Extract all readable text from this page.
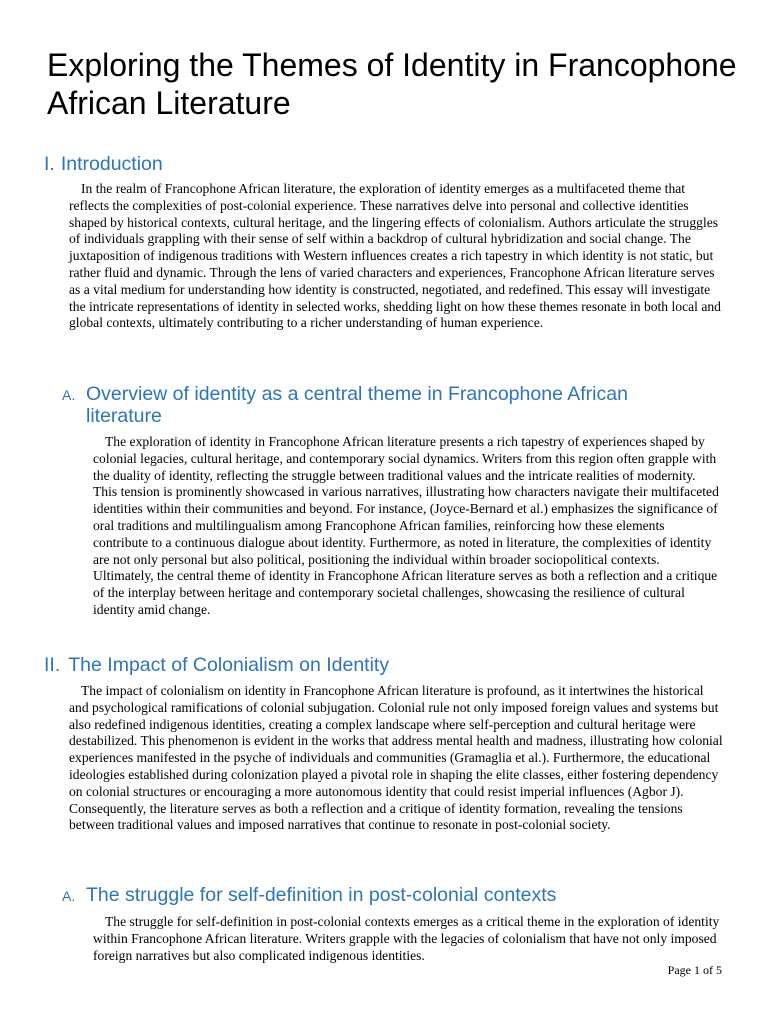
Exploring the Themes of Identity in Francophone African Literature
I. Introduction

In the realm of Francophone African literature, the exploration of identity emerges as a multifaceted theme that reflects the complexities of post-colonial experience. These narratives delve into personal and collective identities shaped by historical contexts, cultural heritage, and the lingering effects of colonialism. Authors articulate the struggles of individuals grappling with their sense of self within a backdrop of cultural hybridization and social change. The juxtaposition of indigenous traditions with Western influences creates a rich tapestry in which identity is not static, but rather fluid and dynamic. Through the lens of varied characters and experiences, Francophone African literature serves as a vital medium for understanding how identity is constructed, negotiated, and redefined. This essay will investigate the intricate representations of identity in selected works, shedding light on how these themes resonate in both local and global contexts, ultimately contributing to a richer understanding of human experience.

A. Overview of identity as a central theme in Francophone African literature

The exploration of identity in Francophone African literature presents a rich tapestry of experiences shaped by colonial legacies, cultural heritage, and contemporary social dynamics. Writers from this region often grapple with the duality of identity, reflecting the struggle between traditional values and the intricate realities of modernity. This tension is prominently showcased in various narratives, illustrating how characters navigate their multifaceted identities within their communities and beyond. For instance, (Joyce-Bernard et al.) emphasizes the significance of oral traditions and multilingualism among Francophone African families, reinforcing how these elements contribute to a continuous dialogue about identity. Furthermore, as noted in literature, the complexities of identity are not only personal but also political, positioning the individual within broader sociopolitical contexts. Ultimately, the central theme of identity in Francophone African literature serves as both a reflection and a critique of the interplay between heritage and contemporary societal challenges, showcasing the resilience of cultural identity amid change.

II. The Impact of Colonialism on Identity

The impact of colonialism on identity in Francophone African literature is profound, as it intertwines the historical and psychological ramifications of colonial subjugation. Colonial rule not only imposed foreign values and systems but also redefined indigenous identities, creating a complex landscape where self-perception and cultural heritage were destabilized. This phenomenon is evident in the works that address mental health and madness, illustrating how colonial experiences manifested in the psyche of individuals and communities (Gramaglia et al.). Furthermore, the educational ideologies established during colonization played a pivotal role in shaping the elite classes, either fostering dependency on colonial structures or encouraging a more autonomous identity that could resist imperial influences (Agbor J). Consequently, the literature serves as both a reflection and a critique of identity formation, revealing the tensions between traditional values and imposed narratives that continue to resonate in post-colonial society.

A. The struggle for self-definition in post-colonial contexts

The struggle for self-definition in post-colonial contexts emerges as a critical theme in the exploration of identity within Francophone African literature. Writers grapple with the legacies of colonialism that have not only imposed foreign narratives but also complicated indigenous identities.

Page 1 of 5
